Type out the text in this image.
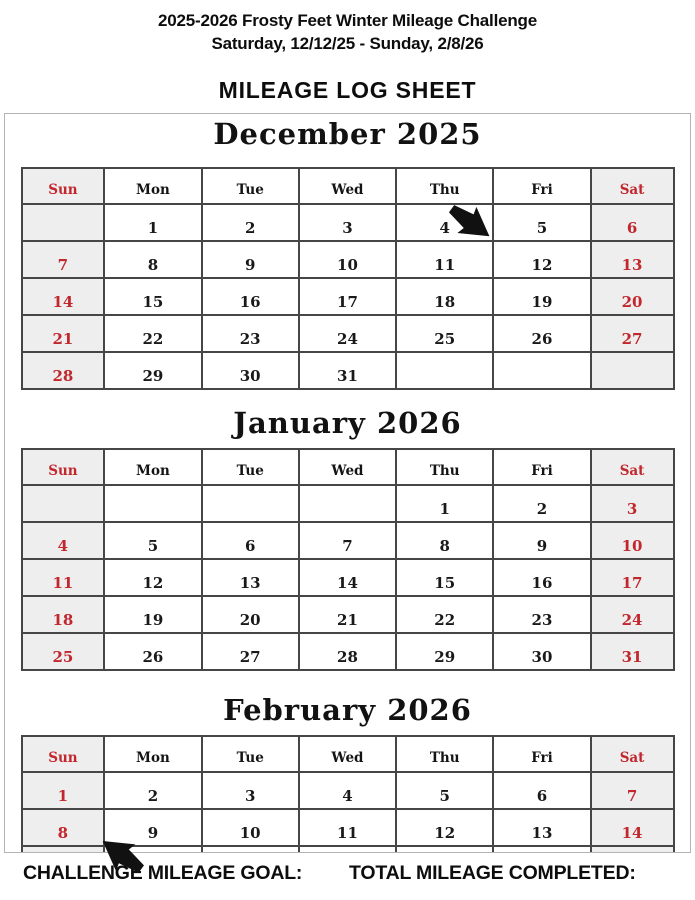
2025-2026 Frosty Feet Winter Mileage Challenge
Saturday, 12/12/25 - Sunday, 2/8/26
MILEAGE LOG SHEET
December 2025
Sun	Mon	Tue	Wed	Thu	Fri	Sat
	1	2	3	4	5	6
7	8	9	10	11	12	13
14	15	16	17	18	19	20
21	22	23	24	25	26	27
28	29	30	31			
January 2026
Sun	Mon	Tue	Wed	Thu	Fri	Sat
				1	2	3
4	5	6	7	8	9	10
11	12	13	14	15	16	17
18	19	20	21	22	23	24
25	26	27	28	29	30	31
February 2026
Sun	Mon	Tue	Wed	Thu	Fri	Sat
1	2	3	4	5	6	7
8	9	10	11	12	13	14

CHALLENGE MILEAGE GOAL: TOTAL MILEAGE COMPLETED:
